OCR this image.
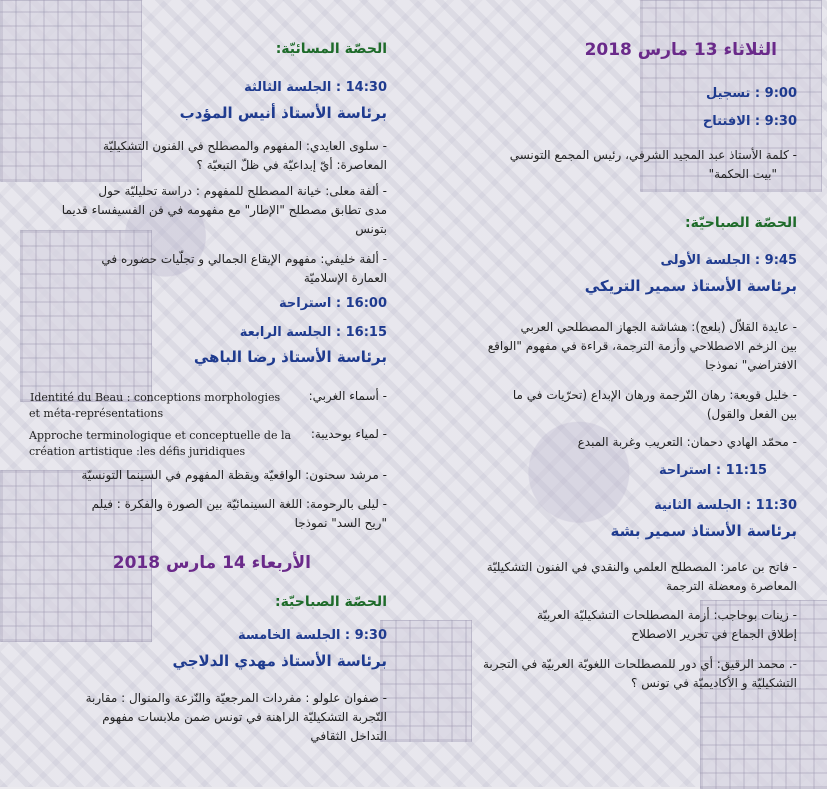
الثلاثاء 13 مارس 2018
9:00 : تسجيل
9:30 : الافتتاح
- كلمة الأستاذ عبد المجيد الشرفي، رئيس المجمع التونسي
"بيت الحكمة"
الحصّة الصباحيّة:
9:45 : الجلسة الأولى
برئاسة الأستاذ سمير التريكي
- عايدة القلاّل (بلعج): هشاشة الجهاز المصطلحي العربي
بين الزخم الاصطلاحي وأزمة الترجمة، قراءة في مفهوم "الواقع
الافتراضي" نموذجا
- خليل قويعة: رهان التّرجمة ورهان الإبداع (تحرّيات في ما
بين الفعل والقول)
- محمّد الهادي دحمان: التعريب وغربة المبدع
11:15 : استراحة
11:30 : الجلسة الثانية
برئاسة الأستاذ سمير بشة
- فاتح بن عامر: المصطلح العلمي والنقدي في الفنون التشكيليّة
المعاصرة ومعضلة الترجمة
- زينات بوحاجب: أزمة المصطلحات التشكيليّة العربيّة
إطلاق الجماع في تحرير الاصطلاح
-. محمد الرقيق: أي دور للمصطلحات اللغويّة العربيّة في التجربة
التشكيليّة و الأكاديميّة في تونس ؟
الحصّة المسائيّة:
14:30 : الجلسة الثالثة
برئاسة الأستاذ أنيس المؤدب
- سلوى العايدي: المفهوم والمصطلح في الفنون التشكيليّة
المعاصرة: أيّ إبداعيّة في ظلّ التبعيّة ؟
- ألفة معلى: خيانة المصطلح للمفهوم : دراسة تحليليّة حول
مدى تطابق مصطلح "الإطار" مع مفهومه في فن الفسيفساء قديما
بتونس
- ألفة خليفي: مفهوم الإيقاع الجمالي و تجلّيات حضوره في
العمارة الإسلاميّة
16:00 : استراحة
16:15 : الجلسة الرابعة
برئاسة الأستاذ رضا الباهي
- أسماء الغربي:
Identité du Beau : conceptions morphologies
et méta-représentations
- لمياء بوحديبة:
Approche terminologique et conceptuelle de la
création artistique :les défis juridiques
- مرشد سحنون: الواقعيّة ويقظة المفهوم في السينما التونسيّة
- ليلى بالرحومة: اللغة السينمائيّة بين الصورة والفكرة : فيلم
"ريح السد" نموذجا
الأربعاء 14 مارس 2018
الحصّة الصباحيّة:
9:30 : الجلسة الخامسة
برئاسة الأستاذ مهدي الدلاجي
- صفوان علولو : مفردات المرجعيّة والنّزعة والمنوال : مقاربة
التّجربة التشكيليّة الراهنة في تونس ضمن ملابسات مفهوم
التداخل الثقافي
